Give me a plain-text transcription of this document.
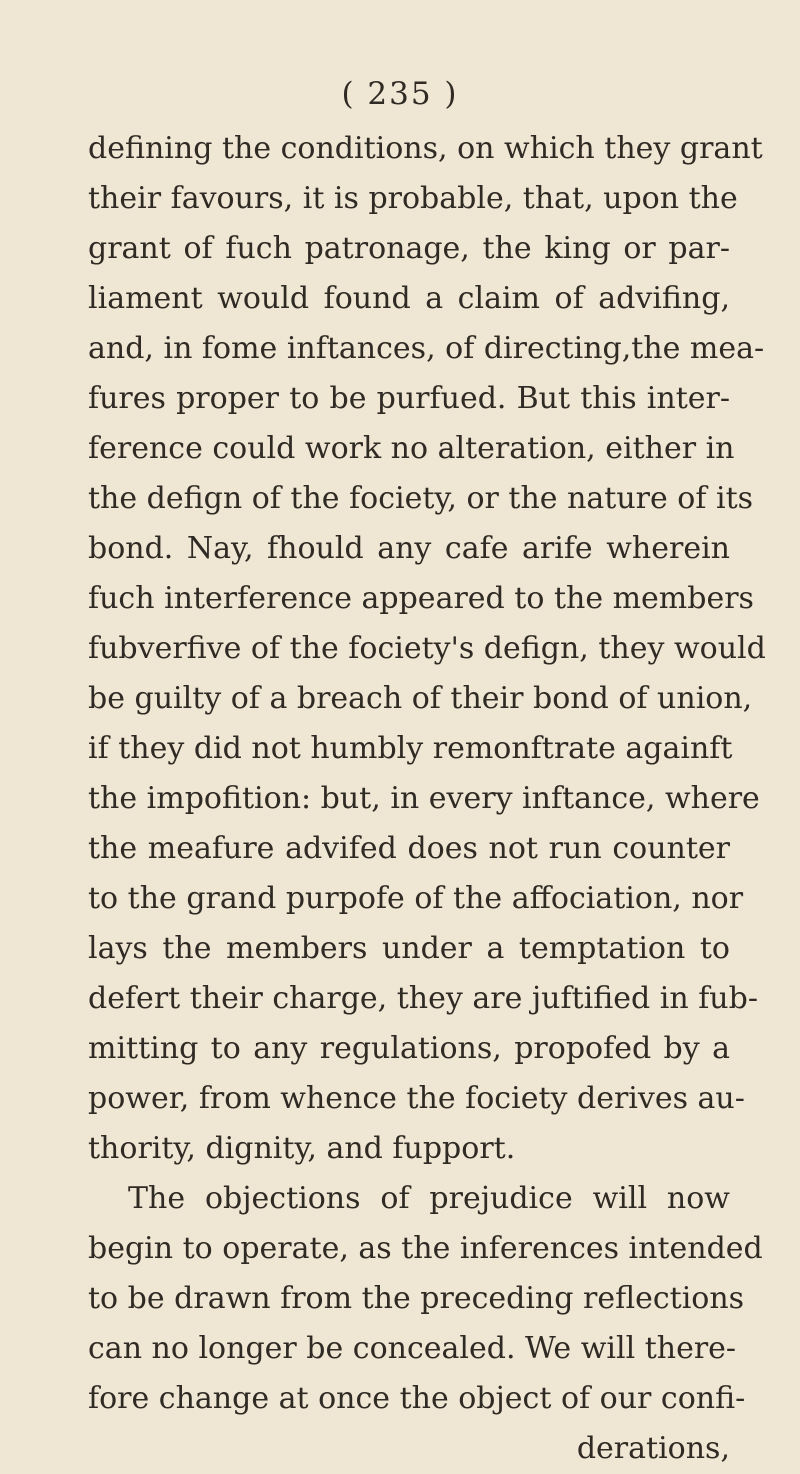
( 235 )
defining the conditions, on which they grant
their favours, it is probable, that, upon the
grant of fuch patronage, the king or par-
liament would found a claim of advifing,
and, in fome inftances, of directing,the mea-
fures proper to be purfued. But this inter-
ference could work no alteration, either in
the defign of the fociety, or the nature of its
bond. Nay, fhould any cafe arife wherein
fuch interference appeared to the members
fubverfive of the fociety's defign, they would
be guilty of a breach of their bond of union,
if they did not humbly remonftrate againft
the impofition: but, in every inftance, where
the meafure advifed does not run counter
to the grand purpofe of the affociation, nor
lays the members under a temptation to
defert their charge, they are juftified in fub-
mitting to any regulations, propofed by a
power, from whence the fociety derives au-
thority, dignity, and fupport.
The objections of prejudice will now
begin to operate, as the inferences intended
to be drawn from the preceding reflections
can no longer be concealed. We will there-
fore change at once the object of our confi-
derations,
